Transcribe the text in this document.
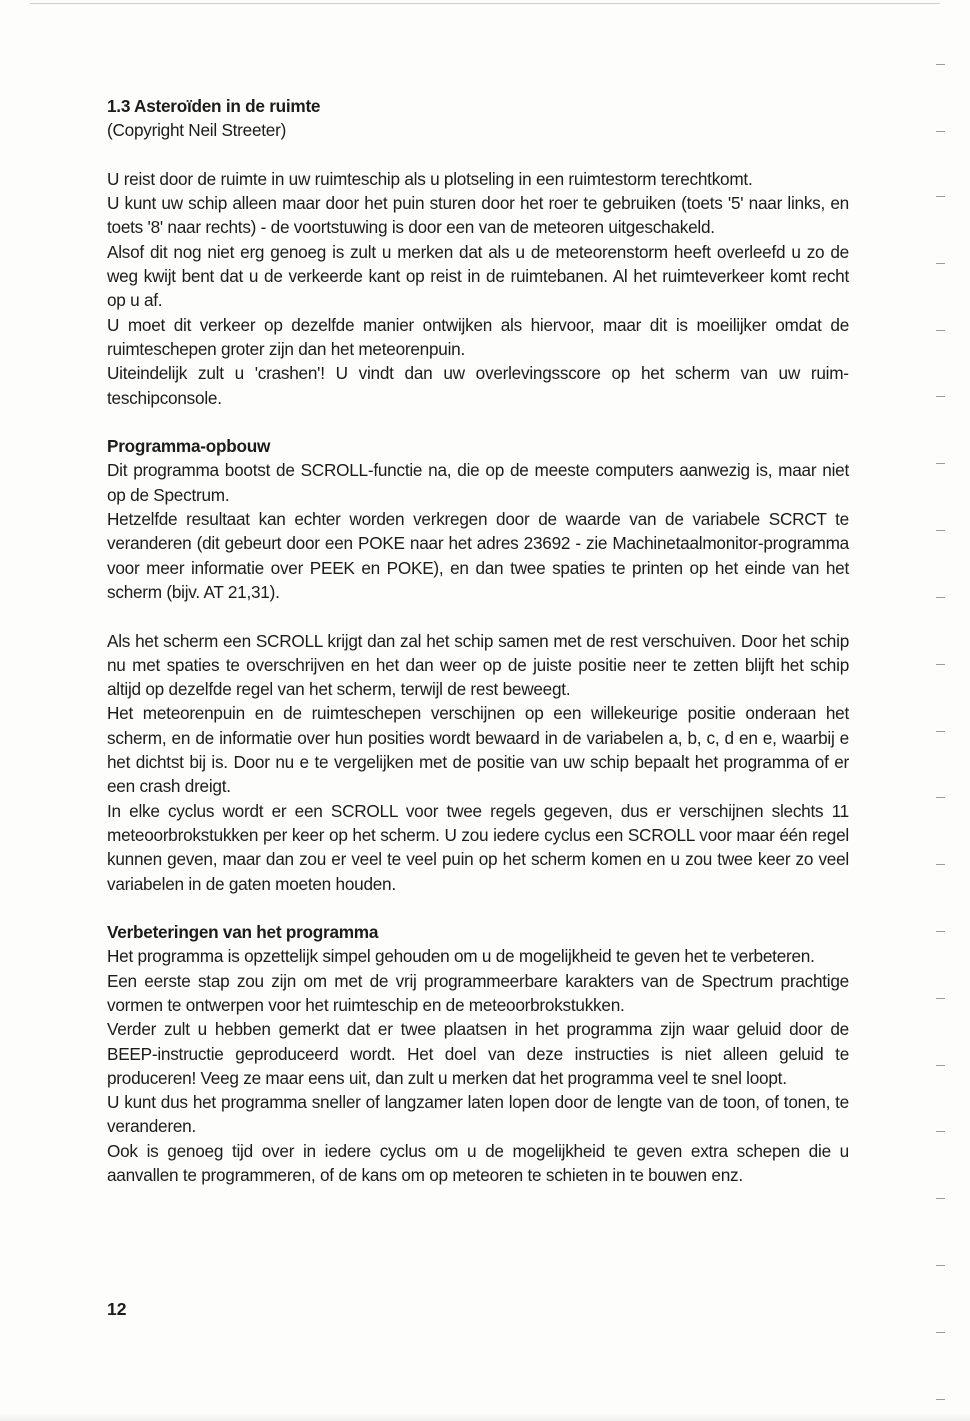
1.3 Asteroïden in de ruimte

(Copyright Neil Streeter)

U reist door de ruimte in uw ruimteschip als u plotseling in een ruimtestorm terechtkomt.

U kunt uw schip alleen maar door het puin sturen door het roer te gebruiken (toets '5' naar links, en toets '8' naar rechts) - de voortstuwing is door een van de meteoren uitgeschakeld.

Alsof dit nog niet erg genoeg is zult u merken dat als u de meteorenstorm heeft overleefd u zo de weg kwijt bent dat u de verkeerde kant op reist in de ruimtebanen. Al het ruimteverkeer komt recht op u af.

U moet dit verkeer op dezelfde manier ontwijken als hiervoor, maar dit is moeilijker omdat de ruimteschepen groter zijn dan het meteorenpuin.

Uiteindelijk zult u 'crashen'! U vindt dan uw overlevingsscore op het scherm van uw ruimteschipconsole.

Programma-opbouw

Dit programma bootst de SCROLL-functie na, die op de meeste computers aanwezig is, maar niet op de Spectrum.

Hetzelfde resultaat kan echter worden verkregen door de waarde van de variabele SCRCT te veranderen (dit gebeurt door een POKE naar het adres 23692 - zie Machinetaalmonitor-programma voor meer informatie over PEEK en POKE), en dan twee spaties te printen op het einde van het scherm (bijv. AT 21,31).

Als het scherm een SCROLL krijgt dan zal het schip samen met de rest verschuiven. Door het schip nu met spaties te overschrijven en het dan weer op de juiste positie neer te zetten blijft het schip altijd op dezelfde regel van het scherm, terwijl de rest beweegt.

Het meteorenpuin en de ruimteschepen verschijnen op een willekeurige positie onderaan het scherm, en de informatie over hun posities wordt bewaard in de variabelen a, b, c, d en e, waarbij e het dichtst bij is. Door nu e te vergelijken met de positie van uw schip bepaalt het programma of er een crash dreigt.

In elke cyclus wordt er een SCROLL voor twee regels gegeven, dus er verschijnen slechts 11 meteoorbrokstukken per keer op het scherm. U zou iedere cyclus een SCROLL voor maar één regel kunnen geven, maar dan zou er veel te veel puin op het scherm komen en u zou twee keer zo veel variabelen in de gaten moeten houden.

Verbeteringen van het programma

Het programma is opzettelijk simpel gehouden om u de mogelijkheid te geven het te verbeteren.

Een eerste stap zou zijn om met de vrij programmeerbare karakters van de Spectrum prachtige vormen te ontwerpen voor het ruimteschip en de meteoorbrokstukken.

Verder zult u hebben gemerkt dat er twee plaatsen in het programma zijn waar geluid door de BEEP-instructie geproduceerd wordt. Het doel van deze instructies is niet alleen geluid te produceren! Veeg ze maar eens uit, dan zult u merken dat het programma veel te snel loopt.

U kunt dus het programma sneller of langzamer laten lopen door de lengte van de toon, of tonen, te veranderen.

Ook is genoeg tijd over in iedere cyclus om u de mogelijkheid te geven extra schepen die u aanvallen te programmeren, of de kans om op meteoren te schieten in te bouwen enz.

12
